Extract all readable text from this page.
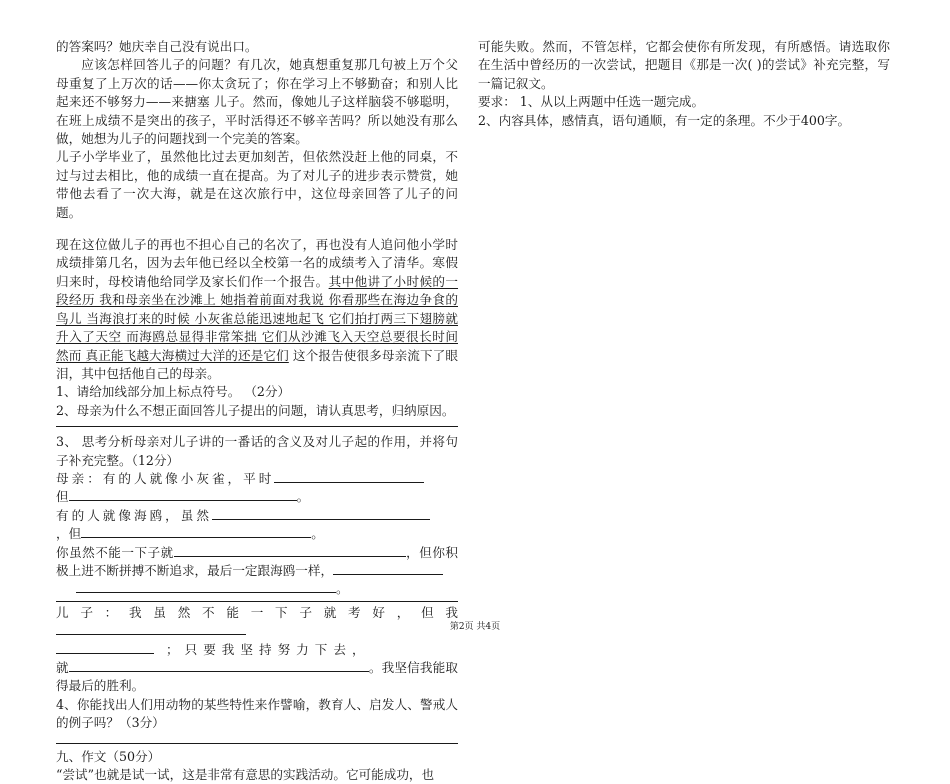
的答案吗？她庆幸自己没有说出口。

应该怎样回答儿子的问题？有几次，她真想重复那几句被上万个父母重复了上万次的话——你太贪玩了；你在学习上不够勤奋；和别人比起来还不够努力——来搪塞 儿子。然而，像她儿子这样脑袋不够聪明，在班上成绩不是突出的孩子，平时活得还不够辛苦吗？所以她没有那么做，她想为儿子的问题找到一个完美的答案。

儿子小学毕业了，虽然他比过去更加刻苦，但依然没赶上他的同桌，不过与过去相比，他的成绩一直在提高。为了对儿子的进步表示赞赏，她带他去看了一次大海，就是在这次旅行中，这位母亲回答了儿子的问题。

现在这位做儿子的再也不担心自己的名次了，再也没有人追问他小学时成绩排第几名，因为去年他已经以全校第一名的成绩考入了清华。寒假归来时，母校请他给同学及家长们作一个报告。其中他讲了小时候的一段经历 我和母亲坐在沙滩上 她指着前面对我说 你看那些在海边争食的鸟儿 当海浪打来的时候 小灰雀总能迅速地起飞 它们拍打两三下翅膀就升入了天空 而海鸥总显得非常笨拙 它们从沙滩飞入天空总要很长时间 然而 真正能飞越大海横过大洋的还是它们 这个报告使很多母亲流下了眼泪，其中包括他自己的母亲。

1、请给加线部分加上标点符号。 （2分）

2、母亲为什么不想正面回答儿子提出的问题，请认真思考，归纳原因。

3、 思考分析母亲对儿子讲的一番话的含义及对儿子起的作用，并将句子补充完整。（12分）

母亲：有的人就像小灰雀，平时

但	。

有的人就像海鸥，虽然

，但	。

你虽然不能一下子就	，但你积极上进不断拼搏不断追求，最后一定跟海鸥一样，

。

儿子：我虽然不能一下子就考好，但我

；只要我坚持努力下去，

就	。我坚信我能取得最后的胜利。

4、你能找出人们用动物的某些特性来作譬喻，教育人、启发人、警戒人的例子吗？（3分）

九、作文（50分）

“尝试”也就是试一试，这是非常有意思的实践活动。它可能成功，也

可能失败。然而，不管怎样，它都会使你有所发现，有所感悟。请选取你在生活中曾经历的一次尝试，把题目《那是一次( )的尝试》补充完整，写一篇记叙文。

要求： 1、从以上两题中任选一题完成。

2、内容具体，感情真，语句通顺，有一定的条理。不少于400字。

第2页 共4页
